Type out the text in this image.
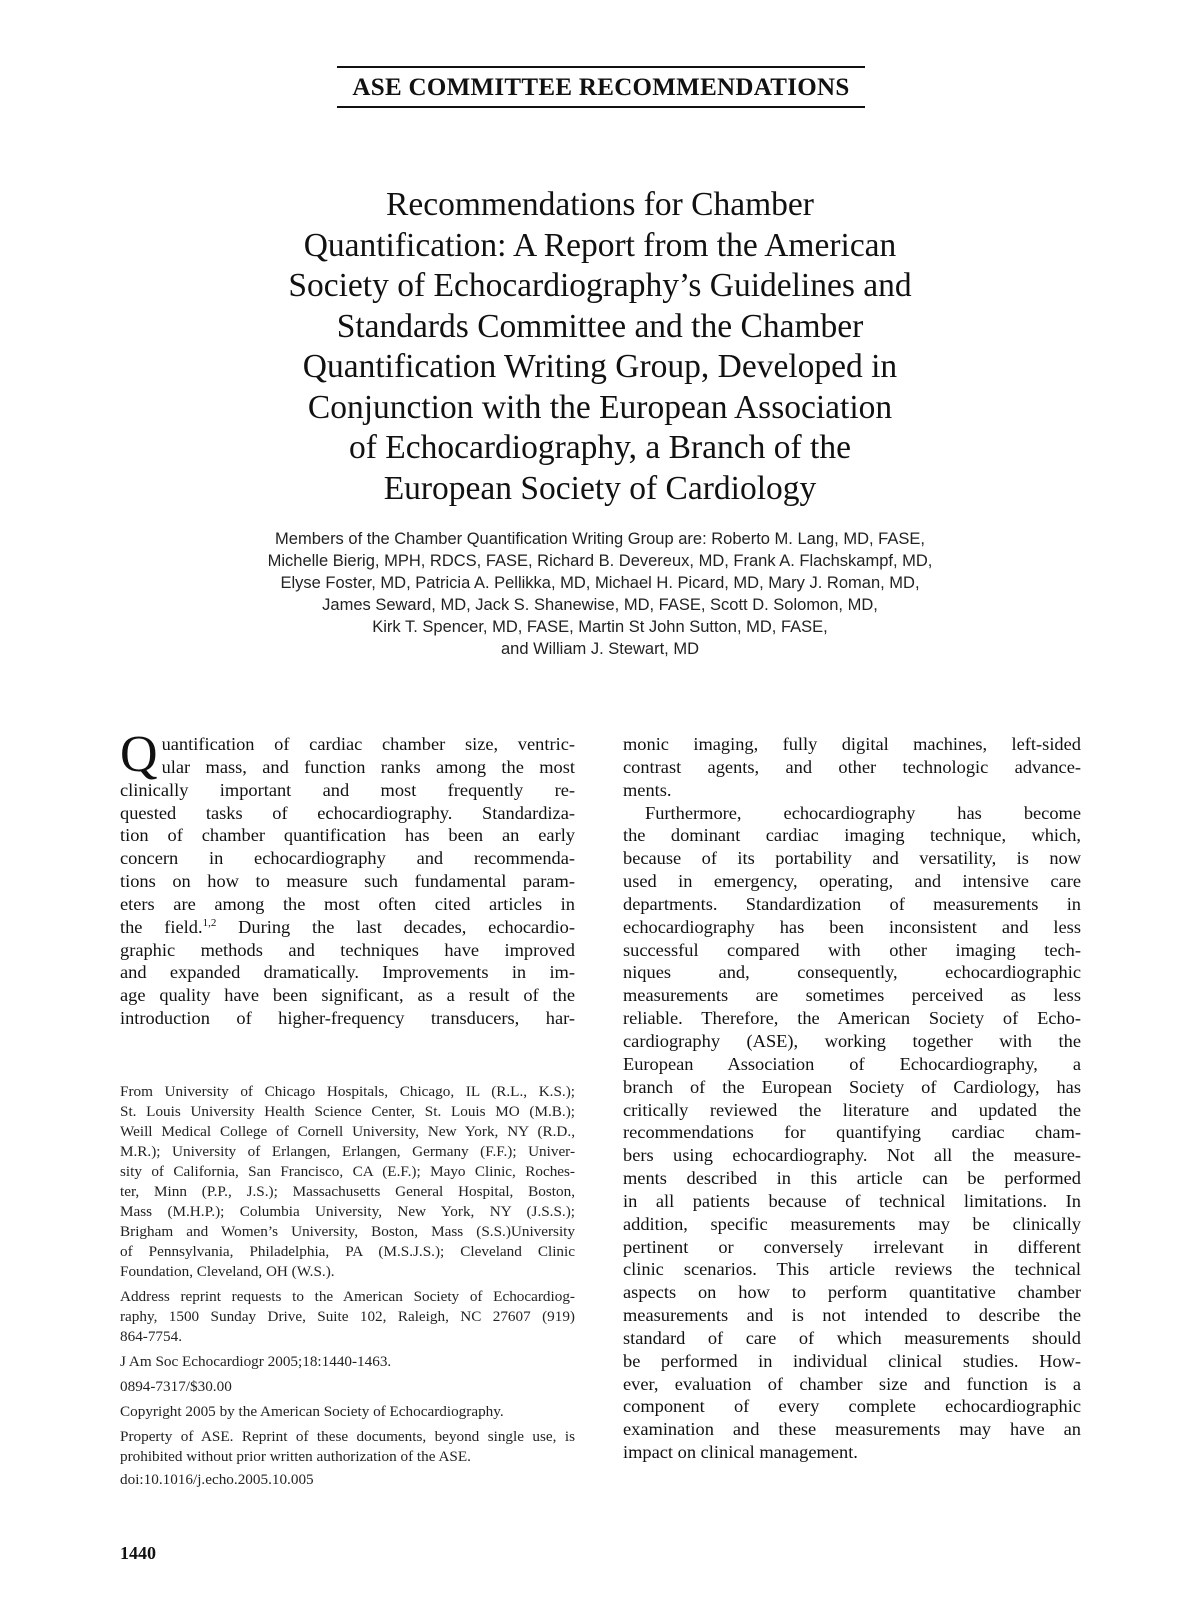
ASE COMMITTEE RECOMMENDATIONS
Recommendations for Chamber
Quantification: A Report from the American
Society of Echocardiography’s Guidelines and
Standards Committee and the Chamber
Quantification Writing Group, Developed in
Conjunction with the European Association
of Echocardiography, a Branch of the
European Society of Cardiology
Members of the Chamber Quantification Writing Group are: Roberto M. Lang, MD, FASE,
Michelle Bierig, MPH, RDCS, FASE, Richard B. Devereux, MD, Frank A. Flachskampf, MD,
Elyse Foster, MD, Patricia A. Pellikka, MD, Michael H. Picard, MD, Mary J. Roman, MD,
James Seward, MD, Jack S. Shanewise, MD, FASE, Scott D. Solomon, MD,
Kirk T. Spencer, MD, FASE, Martin St John Sutton, MD, FASE,
and William J. Stewart, MD
Q uantification of cardiac chamber size, ventric-
ular mass, and function ranks among the most
clinically important and most frequently re-
quested tasks of echocardiography. Standardiza-
tion of chamber quantification has been an early
concern in echocardiography and recommenda-
tions on how to measure such fundamental param-
eters are among the most often cited articles in
the field.$^{1,2}$ During the last decades, echocardio-
graphic methods and techniques have improved
and expanded dramatically. Improvements in im-
age quality have been significant, as a result of the
introduction of higher-frequency transducers, har-
monic imaging, fully digital machines, left-sided
contrast agents, and other technologic advance-
ments.
Furthermore, echocardiography has become
the dominant cardiac imaging technique, which,
because of its portability and versatility, is now
used in emergency, operating, and intensive care
departments. Standardization of measurements in
echocardiography has been inconsistent and less
successful compared with other imaging tech-
niques and, consequently, echocardiographic
measurements are sometimes perceived as less
reliable. Therefore, the American Society of Echo-
cardiography (ASE), working together with the
European Association of Echocardiography, a
branch of the European Society of Cardiology, has
critically reviewed the literature and updated the
recommendations for quantifying cardiac cham-
bers using echocardiography. Not all the measure-
ments described in this article can be performed
in all patients because of technical limitations. In
addition, specific measurements may be clinically
pertinent or conversely irrelevant in different
clinic scenarios. This article reviews the technical
aspects on how to perform quantitative chamber
measurements and is not intended to describe the
standard of care of which measurements should
be performed in individual clinical studies. How-
ever, evaluation of chamber size and function is a
component of every complete echocardiographic
examination and these measurements may have an
impact on clinical management.

From University of Chicago Hospitals, Chicago, IL (R.L., K.S.);
St. Louis University Health Science Center, St. Louis MO (M.B.);
Weill Medical College of Cornell University, New York, NY (R.D.,
M.R.); University of Erlangen, Erlangen, Germany (F.F.); Univer-
sity of California, San Francisco, CA (E.F.); Mayo Clinic, Roches-
ter, Minn (P.P., J.S.); Massachusetts General Hospital, Boston,
Mass (M.H.P.); Columbia University, New York, NY (J.S.S.);
Brigham and Women’s University, Boston, Mass (S.S.)University
of Pennsylvania, Philadelphia, PA (M.S.J.S.); Cleveland Clinic
Foundation, Cleveland, OH (W.S.).

Address reprint requests to the American Society of Echocardiog-
raphy, 1500 Sunday Drive, Suite 102, Raleigh, NC 27607 (919)
864-7754.

J Am Soc Echocardiogr 2005;18:1440-1463.

0894-7317/$30.00

Copyright 2005 by the American Society of Echocardiography.

Property of ASE. Reprint of these documents, beyond single use, is
prohibited without prior written authorization of the ASE.

doi:10.1016/j.echo.2005.10.005

1440
